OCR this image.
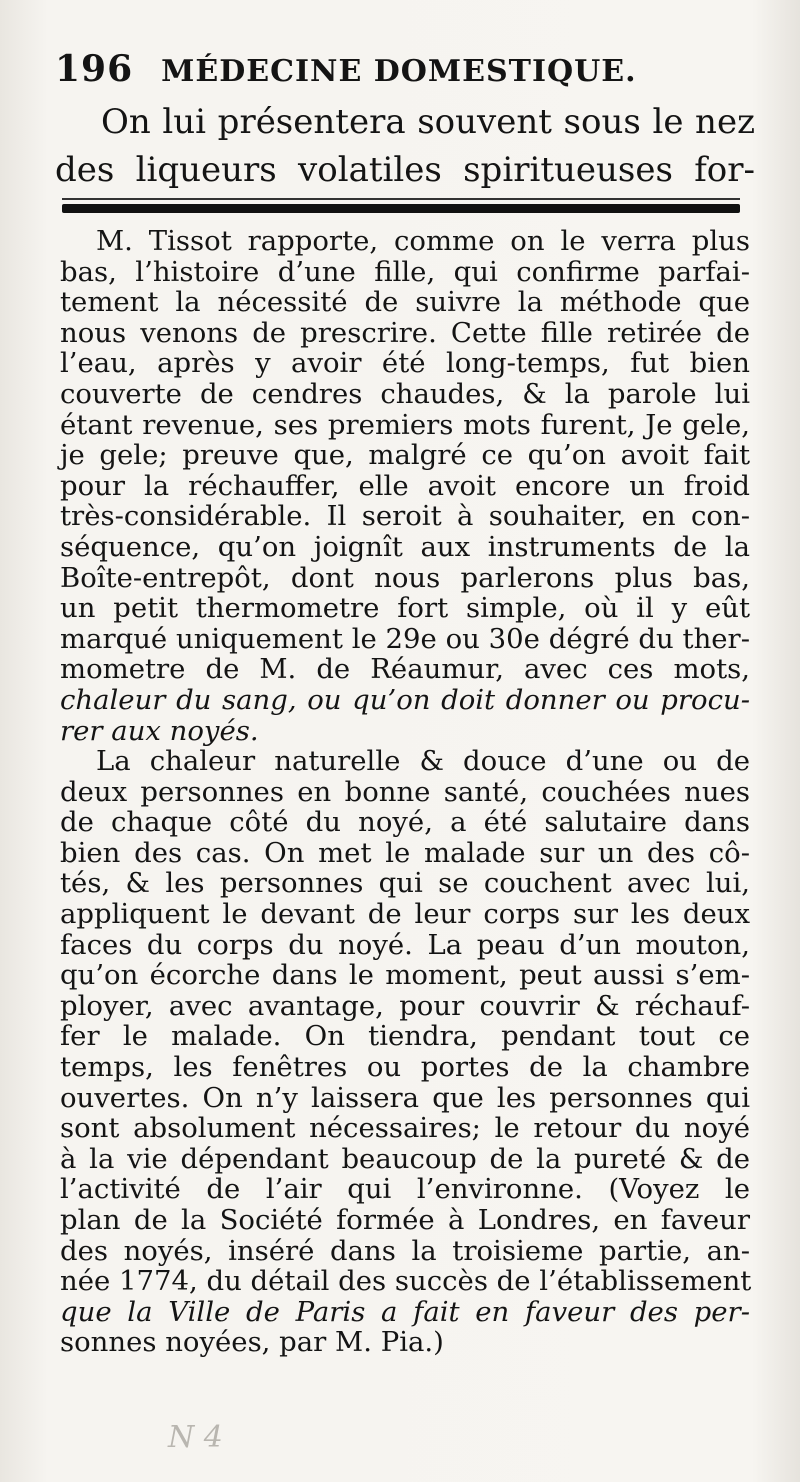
196 MÉDECINE DOMESTIQUE.
On lui présentera souvent sous le nez
des liqueurs volatiles spiritueuses for-
M. Tissot rapporte, comme on le verra plus
bas, l’histoire d’une fille, qui confirme parfai-
tement la nécessité de suivre la méthode que
nous venons de prescrire. Cette fille retirée de
l’eau, après y avoir été long-temps, fut bien
couverte de cendres chaudes, & la parole lui
étant revenue, ses premiers mots furent, Je gele,
je gele; preuve que, malgré ce qu’on avoit fait
pour la réchauffer, elle avoit encore un froid
très-considérable. Il seroit à souhaiter, en con-
séquence, qu’on joignît aux instruments de la
Boîte-entrepôt, dont nous parlerons plus bas,
un petit thermometre fort simple, où il y eût
marqué uniquement le 29e ou 30e dégré du ther-
mometre de M. de Réaumur, avec ces mots,
chaleur du sang, ou qu’on doit donner ou procu-
rer aux noyés.
La chaleur naturelle & douce d’une ou de
deux personnes en bonne santé, couchées nues
de chaque côté du noyé, a été salutaire dans
bien des cas. On met le malade sur un des cô-
tés, & les personnes qui se couchent avec lui,
appliquent le devant de leur corps sur les deux
faces du corps du noyé. La peau d’un mouton,
qu’on écorche dans le moment, peut aussi s’em-
ployer, avec avantage, pour couvrir & réchauf-
fer le malade. On tiendra, pendant tout ce
temps, les fenêtres ou portes de la chambre
ouvertes. On n’y laissera que les personnes qui
sont absolument nécessaires; le retour du noyé
à la vie dépendant beaucoup de la pureté & de
l’activité de l’air qui l’environne. (Voyez le
plan de la Société formée à Londres, en faveur
des noyés, inséré dans la troisieme partie, an-
née 1774, du détail des succès de l’établissement
que la Ville de Paris a fait en faveur des per-
sonnes noyées, par M. Pia.)
N 4
